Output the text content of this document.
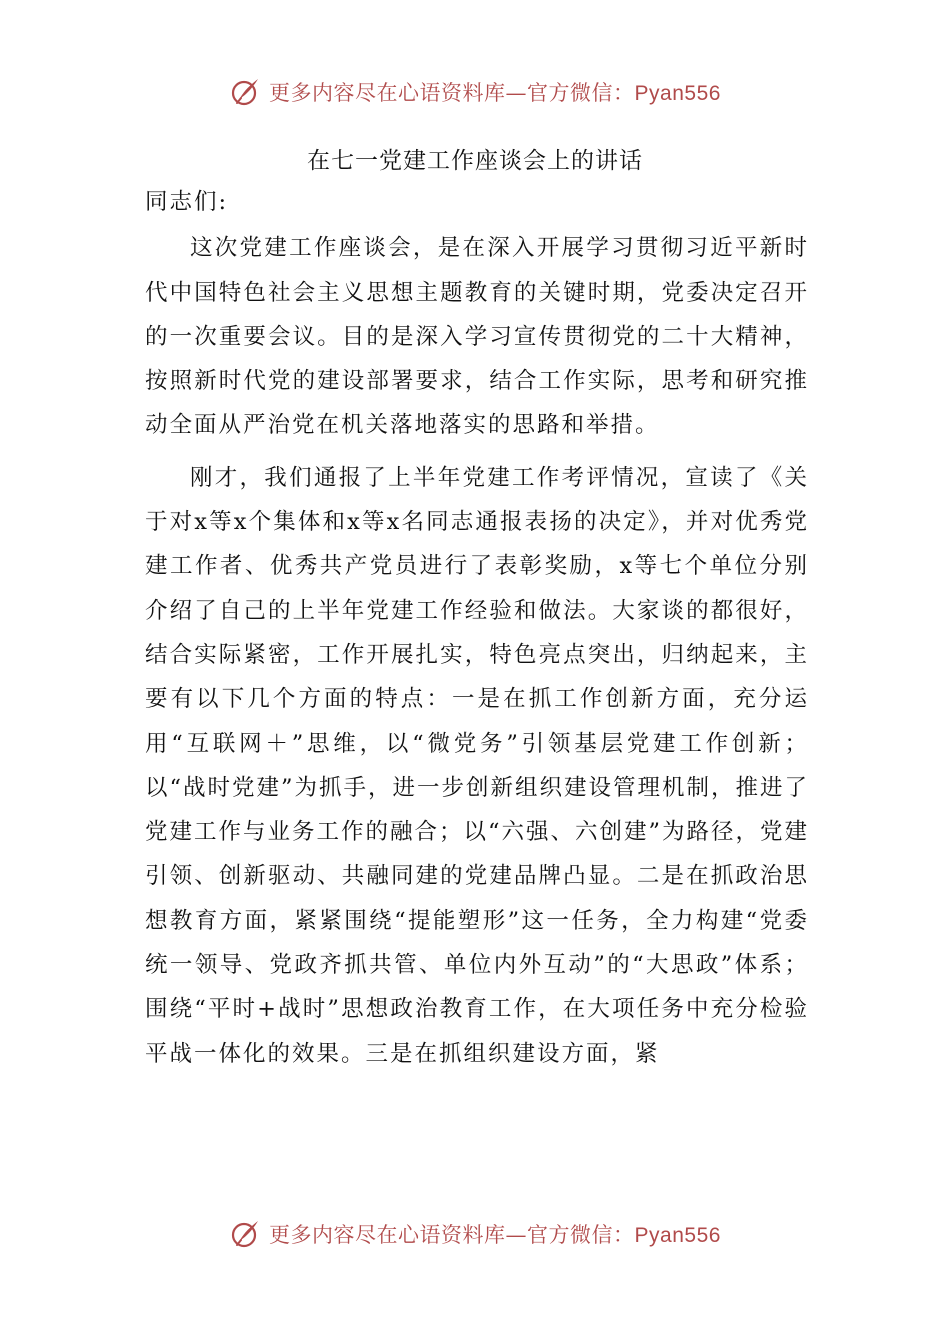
更多内容尽在心语资料库—官方微信：Pyan556
在七一党建工作座谈会上的讲话
同志们:
这次党建工作座谈会，是在深入开展学习贯彻习近平新时代中国特色社会主义思想主题教育的关键时期，党委决定召开的一次重要会议。目的是深入学习宣传贯彻党的二十大精神，按照新时代党的建设部署要求，结合工作实际，思考和研究推动全面从严治党在机关落地落实的思路和举措。
刚才，我们通报了上半年党建工作考评情况，宣读了《关于对x等x个集体和x等x名同志通报表扬的决定》，并对优秀党建工作者、优秀共产党员进行了表彰奖励，x等七个单位分别介绍了自己的上半年党建工作经验和做法。大家谈的都很好，结合实际紧密，工作开展扎实，特色亮点突出，归纳起来，主要有以下几个方面的特点：一是在抓工作创新方面，充分运用“互联网＋”思维，以“微党务”引领基层党建工作创新；以“战时党建”为抓手，进一步创新组织建设管理机制，推进了党建工作与业务工作的融合；以“六强、六创建”为路径，党建引领、创新驱动、共融同建的党建品牌凸显。二是在抓政治思想教育方面，紧紧围绕“提能塑形”这一任务，全力构建“党委统一领导、党政齐抓共管、单位内外互动”的“大思政”体系；围绕“平时+战时”思想政治教育工作，在大项任务中充分检验平战一体化的效果。三是在抓组织建设方面，紧
更多内容尽在心语资料库—官方微信：Pyan556
